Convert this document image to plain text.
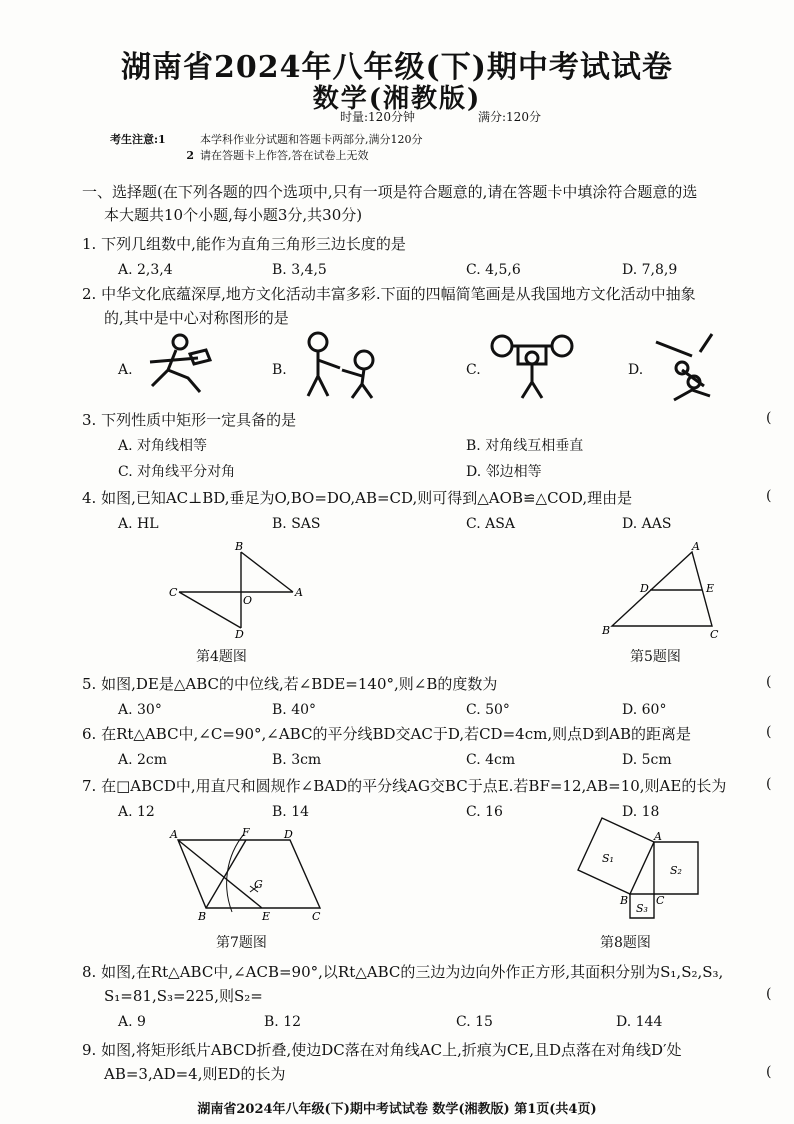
湖南省2024年八年级(下)期中考试试卷
数学(湘教版)
时量:120分钟	满分:120分
考生注意:1	本学科作业分试题和答题卡两部分,满分120分
2 请在答题卡上作答,答在试卷上无效
一、选择题(在下列各题的四个选项中,只有一项是符合题意的,请在答题卡中填涂符合题意的选
本大题共10个小题,每小题3分,共30分)
1. 下列几组数中,能作为直角三角形三边长度的是
A. 2,3,4	B. 3,4,5	C. 4,5,6	D. 7,8,9
2. 中华文化底蕴深厚,地方文化活动丰富多彩.下面的四幅简笔画是从我国地方文化活动中抽象
的,其中是中心对称图形的是
A.	B.	C.	D.
3. 下列性质中矩形一定具备的是	(
A. 对角线相等	B. 对角线互相垂直
C. 对角线平分对角	D. 邻边相等
4. 如图,已知AC⊥BD,垂足为O,BO=DO,AB=CD,则可得到△AOB≌△COD,理由是	(
A. HL	B. SAS	C. ASA	D. AAS
B
C
O
A
D
第4题图
A
D	E
B	C
第5题图
5. 如图,DE是△ABC的中位线,若∠BDE=140°,则∠B的度数为	(
A. 30°	B. 40°	C. 50°	D. 60°
6. 在Rt△ABC中,∠C=90°,∠ABC的平分线BD交AC于D,若CD=4cm,则点D到AB的距离是	(
A. 2cm	B. 3cm	C. 4cm	D. 5cm
7. 在□ABCD中,用直尺和圆规作∠BAD的平分线AG交BC于点E.若BF=12,AB=10,则AE的长为	(
A. 12	B. 14	C. 16	D. 18
A	F	D
G
B	E	C
第7题图
S₁
S₂
S₃
A
B	C
第8题图
8. 如图,在Rt△ABC中,∠ACB=90°,以Rt△ABC的三边为边向外作正方形,其面积分别为S₁,S₂,S₃,
S₁=81,S₃=225,则S₂=	(
A. 9	B. 12	C. 15	D. 144
9. 如图,将矩形纸片ABCD折叠,使边DC落在对角线AC上,折痕为CE,且D点落在对角线D′处
AB=3,AD=4,则ED的长为	(
湖南省2024年八年级(下)期中考试试卷 数学(湘教版) 第1页(共4页)
